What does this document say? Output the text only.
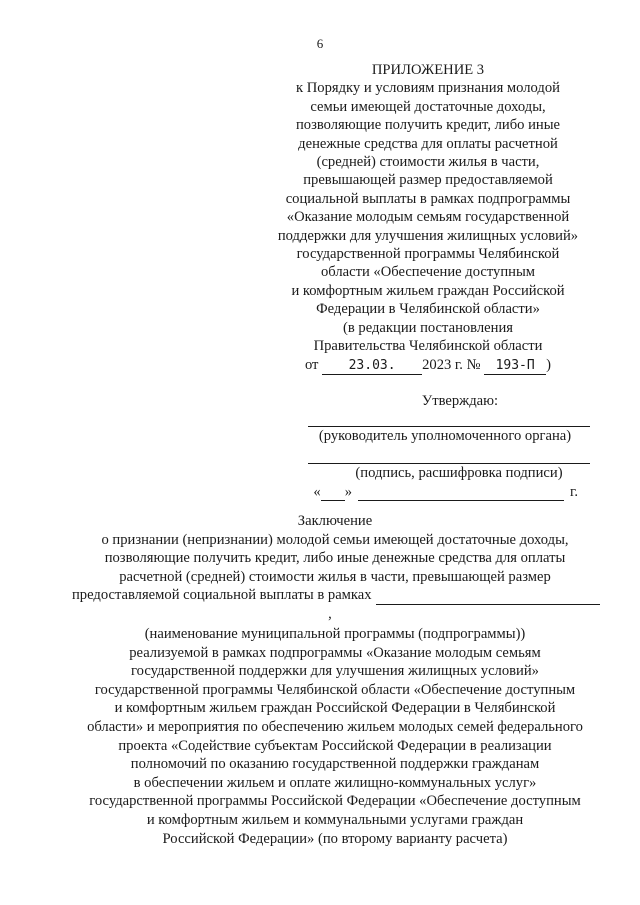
6
ПРИЛОЖЕНИЕ 3
к Порядку и условиям признания молодой
семьи имеющей достаточные доходы,
позволяющие получить кредит, либо иные
денежные средства для оплаты расчетной
(средней) стоимости жилья в части,
превышающей размер предоставляемой
социальной выплаты в рамках подпрограммы
«Оказание молодым семьям государственной
поддержки для улучшения жилищных условий»
государственной программы Челябинской
области «Обеспечение доступным
и комфортным жильем граждан Российской
Федерации в Челябинской области»
(в редакции постановления
Правительства Челябинской области
от 23.03. 2023 г. № 193-П )
Утверждаю:
(руководитель уполномоченного органа)
(подпись, расшифровка подписи)
« »	г.
Заключение
о признании (непризнании) молодой семьи имеющей достаточные доходы,
позволяющие получить кредит, либо иные денежные средства для оплаты
расчетной (средней) стоимости жилья в части, превышающей размер
предоставляемой социальной выплаты в рамках
,
(наименование муниципальной программы (подпрограммы))
реализуемой в рамках подпрограммы «Оказание молодым семьям
государственной поддержки для улучшения жилищных условий»
государственной программы Челябинской области «Обеспечение доступным
и комфортным жильем граждан Российской Федерации в Челябинской
области» и мероприятия по обеспечению жильем молодых семей федерального
проекта «Содействие субъектам Российской Федерации в реализации
полномочий по оказанию государственной поддержки гражданам
в обеспечении жильем и оплате жилищно-коммунальных услуг»
государственной программы Российской Федерации «Обеспечение доступным
и комфортным жильем и коммунальными услугами граждан
Российской Федерации» (по второму варианту расчета)
